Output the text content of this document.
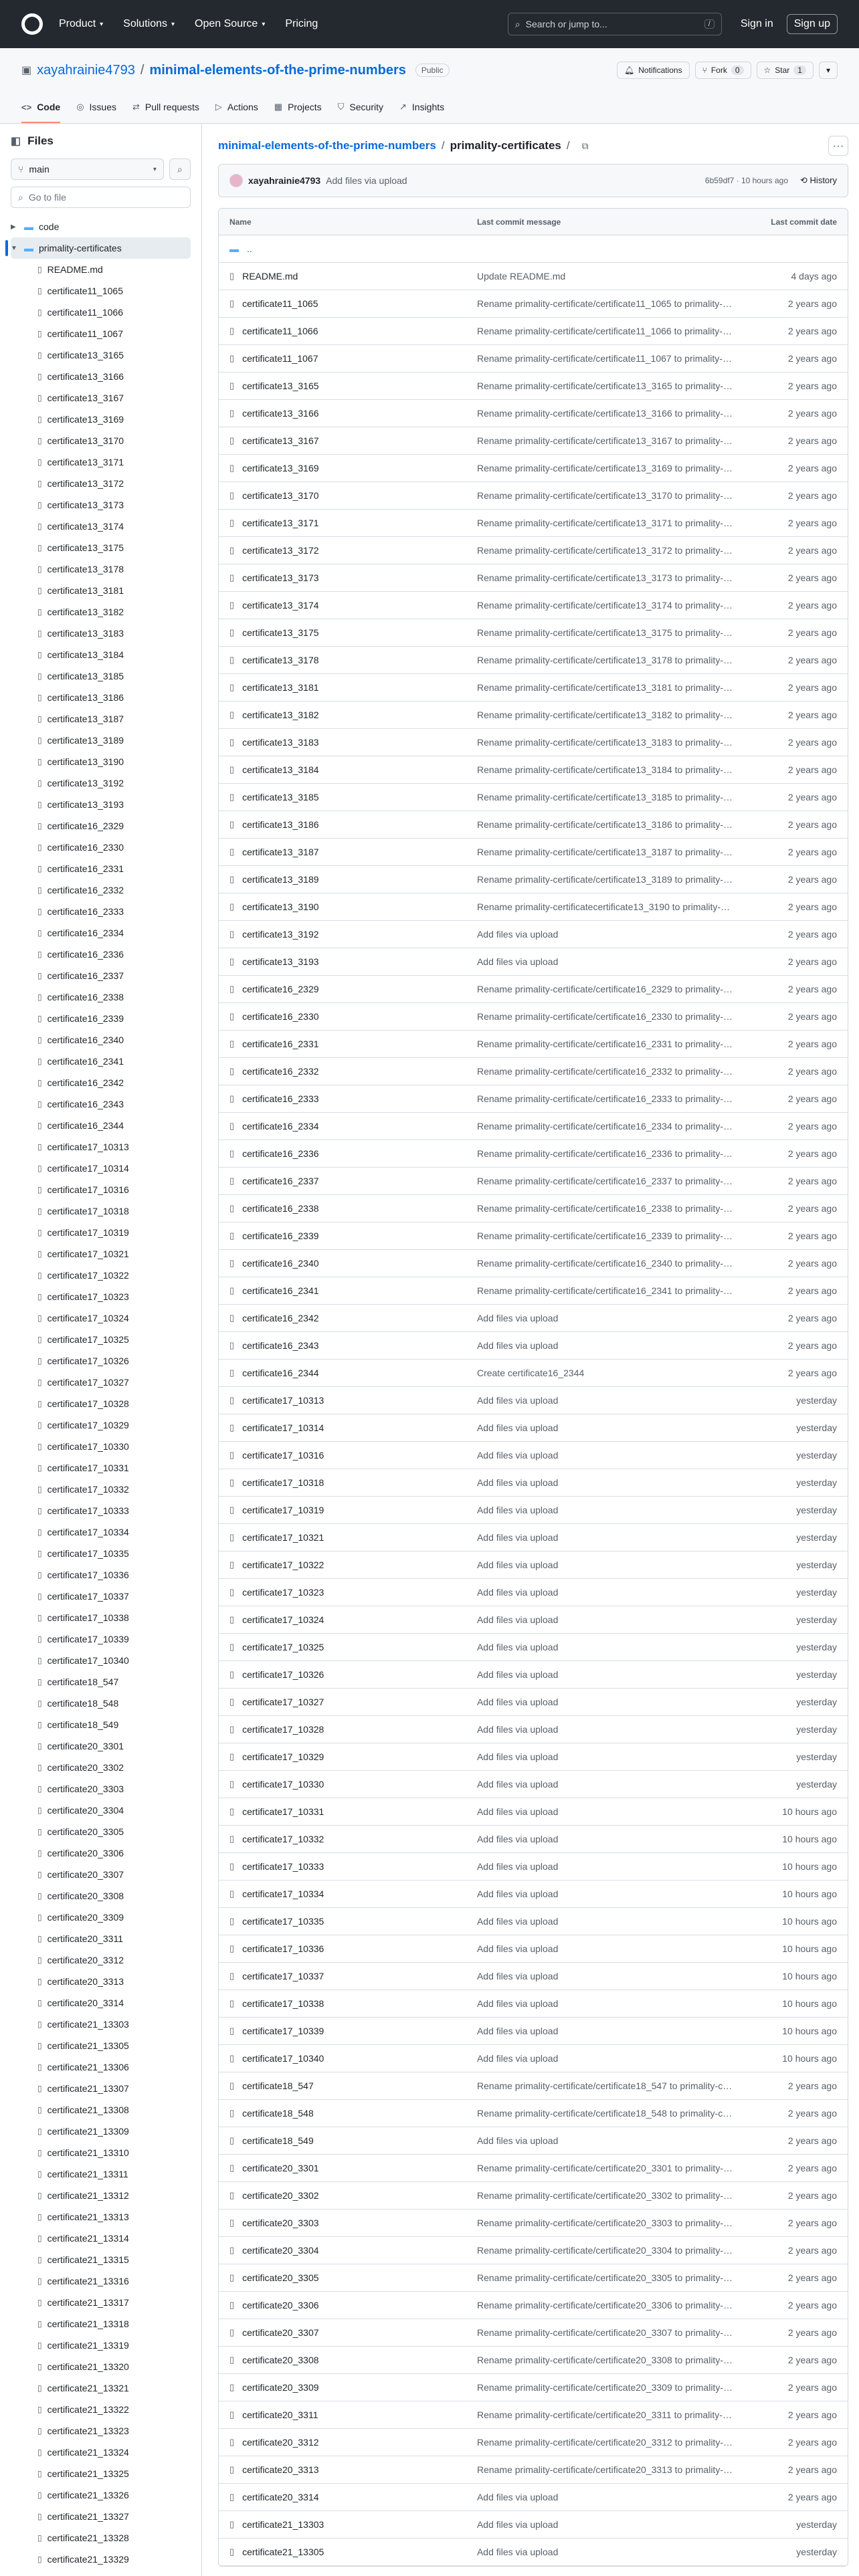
Product ▾ Solutions ▾ Open Source ▾ Pricing	⌕ Search or jump to...	/	Sign in	Sign up
▣ xayahrainie4793 / minimal-elements-of-the-prime-numbers	Public	🔔︎ Notifications	⑂ Fork	0	☆ Star	1	▾
<> Code ◎ Issues ⇄ Pull requests ▷ Actions ▦ Projects ⛉ Security ↗ Insights
◧ Files
⑂ main	▾ ⌕
⌕ Go to file
▶ ▬ code
▼ ▬ primality-certificates
▯ README.md
▯ certificate11_1065
▯ certificate11_1066
▯ certificate11_1067
▯ certificate13_3165
▯ certificate13_3166
▯ certificate13_3167
▯ certificate13_3169
▯ certificate13_3170
▯ certificate13_3171
▯ certificate13_3172
▯ certificate13_3173
▯ certificate13_3174
▯ certificate13_3175
▯ certificate13_3178
▯ certificate13_3181
▯ certificate13_3182
▯ certificate13_3183
▯ certificate13_3184
▯ certificate13_3185
▯ certificate13_3186
▯ certificate13_3187
▯ certificate13_3189
▯ certificate13_3190
▯ certificate13_3192
▯ certificate13_3193
▯ certificate16_2329
▯ certificate16_2330
▯ certificate16_2331
▯ certificate16_2332
▯ certificate16_2333
▯ certificate16_2334
▯ certificate16_2336
▯ certificate16_2337
▯ certificate16_2338
▯ certificate16_2339
▯ certificate16_2340
▯ certificate16_2341
▯ certificate16_2342
▯ certificate16_2343
▯ certificate16_2344
▯ certificate17_10313
▯ certificate17_10314
▯ certificate17_10316
▯ certificate17_10318
▯ certificate17_10319
▯ certificate17_10321
▯ certificate17_10322
▯ certificate17_10323
▯ certificate17_10324
▯ certificate17_10325
▯ certificate17_10326
▯ certificate17_10327
▯ certificate17_10328
▯ certificate17_10329
▯ certificate17_10330
▯ certificate17_10331
▯ certificate17_10332
▯ certificate17_10333
▯ certificate17_10334
▯ certificate17_10335
▯ certificate17_10336
▯ certificate17_10337
▯ certificate17_10338
▯ certificate17_10339
▯ certificate17_10340
▯ certificate18_547
▯ certificate18_548
▯ certificate18_549
▯ certificate20_3301
▯ certificate20_3302
▯ certificate20_3303
▯ certificate20_3304
▯ certificate20_3305
▯ certificate20_3306
▯ certificate20_3307
▯ certificate20_3308
▯ certificate20_3309
▯ certificate20_3311
▯ certificate20_3312
▯ certificate20_3313
▯ certificate20_3314
▯ certificate21_13303
▯ certificate21_13305
▯ certificate21_13306
▯ certificate21_13307
▯ certificate21_13308
▯ certificate21_13309
▯ certificate21_13310
▯ certificate21_13311
▯ certificate21_13312
▯ certificate21_13313
▯ certificate21_13314
▯ certificate21_13315
▯ certificate21_13316
▯ certificate21_13317
▯ certificate21_13318
▯ certificate21_13319
▯ certificate21_13320
▯ certificate21_13321
▯ certificate21_13322
▯ certificate21_13323
▯ certificate21_13324
▯ certificate21_13325
▯ certificate21_13326
▯ certificate21_13327
▯ certificate21_13328
▯ certificate21_13329
minimal-elements-of-the-prime-numbers / primality-certificates / ⧉	···
xayahrainie4793 Add files via upload	6b59df7 · 10 hours ago ⟲ History
Name	Last commit message	Last commit date
▬ ..
▯ README.md	Update README.md	4 days ago
▯ certificate11_1065	Rename primality-certificate/certificate11_1065 to primality-…	2 years ago
▯ certificate11_1066	Rename primality-certificate/certificate11_1066 to primality-…	2 years ago
▯ certificate11_1067	Rename primality-certificate/certificate11_1067 to primality-…	2 years ago
▯ certificate13_3165	Rename primality-certificate/certificate13_3165 to primality-…	2 years ago
▯ certificate13_3166	Rename primality-certificate/certificate13_3166 to primality-…	2 years ago
▯ certificate13_3167	Rename primality-certificate/certificate13_3167 to primality-…	2 years ago
▯ certificate13_3169	Rename primality-certificate/certificate13_3169 to primality-…	2 years ago
▯ certificate13_3170	Rename primality-certificate/certificate13_3170 to primality-…	2 years ago
▯ certificate13_3171	Rename primality-certificate/certificate13_3171 to primality-…	2 years ago
▯ certificate13_3172	Rename primality-certificate/certificate13_3172 to primality-…	2 years ago
▯ certificate13_3173	Rename primality-certificate/certificate13_3173 to primality-…	2 years ago
▯ certificate13_3174	Rename primality-certificate/certificate13_3174 to primality-…	2 years ago
▯ certificate13_3175	Rename primality-certificate/certificate13_3175 to primality-…	2 years ago
▯ certificate13_3178	Rename primality-certificate/certificate13_3178 to primality-…	2 years ago
▯ certificate13_3181	Rename primality-certificate/certificate13_3181 to primality-…	2 years ago
▯ certificate13_3182	Rename primality-certificate/certificate13_3182 to primality-…	2 years ago
▯ certificate13_3183	Rename primality-certificate/certificate13_3183 to primality-…	2 years ago
▯ certificate13_3184	Rename primality-certificate/certificate13_3184 to primality-…	2 years ago
▯ certificate13_3185	Rename primality-certificate/certificate13_3185 to primality-…	2 years ago
▯ certificate13_3186	Rename primality-certificate/certificate13_3186 to primality-…	2 years ago
▯ certificate13_3187	Rename primality-certificate/certificate13_3187 to primality-…	2 years ago
▯ certificate13_3189	Rename primality-certificate/certificate13_3189 to primality-…	2 years ago
▯ certificate13_3190	Rename primality-certificatecertificate13_3190 to primality-…	2 years ago
▯ certificate13_3192	Add files via upload	2 years ago
▯ certificate13_3193	Add files via upload	2 years ago
▯ certificate16_2329	Rename primality-certificate/certificate16_2329 to primality-…	2 years ago
▯ certificate16_2330	Rename primality-certificate/certificate16_2330 to primality-…	2 years ago
▯ certificate16_2331	Rename primality-certificate/certificate16_2331 to primality-…	2 years ago
▯ certificate16_2332	Rename primality-certificate/certificate16_2332 to primality-…	2 years ago
▯ certificate16_2333	Rename primality-certificate/certificate16_2333 to primality-…	2 years ago
▯ certificate16_2334	Rename primality-certificate/certificate16_2334 to primality-…	2 years ago
▯ certificate16_2336	Rename primality-certificate/certificate16_2336 to primality-…	2 years ago
▯ certificate16_2337	Rename primality-certificate/certificate16_2337 to primality-…	2 years ago
▯ certificate16_2338	Rename primality-certificate/certificate16_2338 to primality-…	2 years ago
▯ certificate16_2339	Rename primality-certificate/certificate16_2339 to primality-…	2 years ago
▯ certificate16_2340	Rename primality-certificate/certificate16_2340 to primality-…	2 years ago
▯ certificate16_2341	Rename primality-certificate/certificate16_2341 to primality-…	2 years ago
▯ certificate16_2342	Add files via upload	2 years ago
▯ certificate16_2343	Add files via upload	2 years ago
▯ certificate16_2344	Create certificate16_2344	2 years ago
▯ certificate17_10313	Add files via upload	yesterday
▯ certificate17_10314	Add files via upload	yesterday
▯ certificate17_10316	Add files via upload	yesterday
▯ certificate17_10318	Add files via upload	yesterday
▯ certificate17_10319	Add files via upload	yesterday
▯ certificate17_10321	Add files via upload	yesterday
▯ certificate17_10322	Add files via upload	yesterday
▯ certificate17_10323	Add files via upload	yesterday
▯ certificate17_10324	Add files via upload	yesterday
▯ certificate17_10325	Add files via upload	yesterday
▯ certificate17_10326	Add files via upload	yesterday
▯ certificate17_10327	Add files via upload	yesterday
▯ certificate17_10328	Add files via upload	yesterday
▯ certificate17_10329	Add files via upload	yesterday
▯ certificate17_10330	Add files via upload	yesterday
▯ certificate17_10331	Add files via upload	10 hours ago
▯ certificate17_10332	Add files via upload	10 hours ago
▯ certificate17_10333	Add files via upload	10 hours ago
▯ certificate17_10334	Add files via upload	10 hours ago
▯ certificate17_10335	Add files via upload	10 hours ago
▯ certificate17_10336	Add files via upload	10 hours ago
▯ certificate17_10337	Add files via upload	10 hours ago
▯ certificate17_10338	Add files via upload	10 hours ago
▯ certificate17_10339	Add files via upload	10 hours ago
▯ certificate17_10340	Add files via upload	10 hours ago
▯ certificate18_547	Rename primality-certificate/certificate18_547 to primality-c…	2 years ago
▯ certificate18_548	Rename primality-certificate/certificate18_548 to primality-c…	2 years ago
▯ certificate18_549	Add files via upload	2 years ago
▯ certificate20_3301	Rename primality-certificate/certificate20_3301 to primality-…	2 years ago
▯ certificate20_3302	Rename primality-certificate/certificate20_3302 to primality-…	2 years ago
▯ certificate20_3303	Rename primality-certificate/certificate20_3303 to primality-…	2 years ago
▯ certificate20_3304	Rename primality-certificate/certificate20_3304 to primality-…	2 years ago
▯ certificate20_3305	Rename primality-certificate/certificate20_3305 to primality-…	2 years ago
▯ certificate20_3306	Rename primality-certificate/certificate20_3306 to primality-…	2 years ago
▯ certificate20_3307	Rename primality-certificate/certificate20_3307 to primality-…	2 years ago
▯ certificate20_3308	Rename primality-certificate/certificate20_3308 to primality-…	2 years ago
▯ certificate20_3309	Rename primality-certificate/certificate20_3309 to primality-…	2 years ago
▯ certificate20_3311	Rename primality-certificate/certificate20_3311 to primality-…	2 years ago
▯ certificate20_3312	Rename primality-certificate/certificate20_3312 to primality-…	2 years ago
▯ certificate20_3313	Rename primality-certificate/certificate20_3313 to primality-…	2 years ago
▯ certificate20_3314	Add files via upload	2 years ago
▯ certificate21_13303	Add files via upload	yesterday
▯ certificate21_13305	Add files via upload	yesterday
